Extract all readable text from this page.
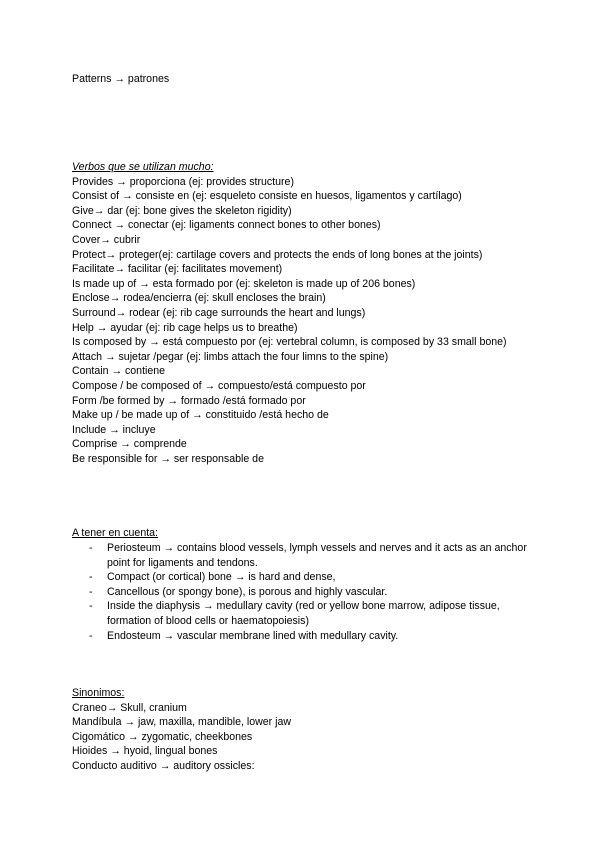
Patterns → patrones
Verbos que se utilizan mucho:
Provides → proporciona (ej: provides structure)
Consist of → consiste en (ej: esqueleto consiste en huesos, ligamentos y cartílago)
Give→ dar (ej: bone gives the skeleton rigidity)
Connect → conectar (ej: ligaments connect bones to other bones)
Cover→ cubrir
Protect→ proteger(ej: cartilage covers and protects the ends of long bones at the joints)
Facilitate→ facilitar (ej: facilitates movement)
Is made up of → esta formado por (ej: skeleton is made up of 206 bones)
Enclose→ rodea/encierra (ej: skull encloses the brain)
Surround→ rodear (ej: rib cage surrounds the heart and lungs)
Help → ayudar (ej: rib cage helps us to breathe)
Is composed by → está compuesto por (ej: vertebral column, is composed by 33 small bone)
Attach → sujetar /pegar (ej: limbs attach the four limns to the spine)
Contain → contiene
Compose / be composed of → compuesto/está compuesto por
Form /be formed by → formado /está formado por
Make up / be made up of → constituido /está hecho de
Include → incluye
Comprise → comprende
Be responsible for → ser responsable de
A tener en cuenta:
- Periosteum → contains blood vessels, lymph vessels and nerves and it acts as an anchor point for ligaments and tendons.
- Compact (or cortical) bone → is hard and dense,
- Cancellous (or spongy bone), is porous and highly vascular.
- Inside the diaphysis → medullary cavity (red or yellow bone marrow, adipose tissue, formation of blood cells or haematopoiesis)
- Endosteum → vascular membrane lined with medullary cavity.
Sinonimos:
Craneo→ Skull, cranium
Mandíbula → jaw, maxilla, mandible, lower jaw
Cigomático → zygomatic, cheekbones
Hioides → hyoid, lingual bones
Conducto auditivo → auditory ossicles:
